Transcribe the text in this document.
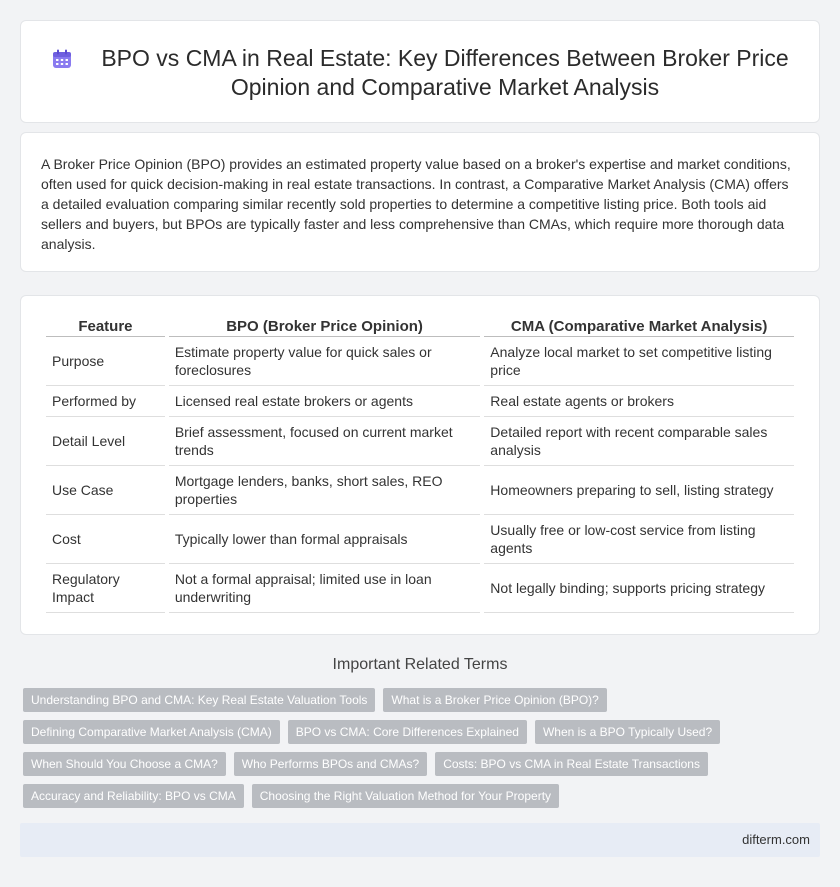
BPO vs CMA in Real Estate: Key Differences Between Broker Price Opinion and Comparative Market Analysis

A Broker Price Opinion (BPO) provides an estimated property value based on a broker's expertise and market conditions, often used for quick decision-making in real estate transactions. In contrast, a Comparative Market Analysis (CMA) offers a detailed evaluation comparing similar recently sold properties to determine a competitive listing price. Both tools aid sellers and buyers, but BPOs are typically faster and less comprehensive than CMAs, which require more thorough data analysis.

Feature	BPO (Broker Price Opinion)	CMA (Comparative Market Analysis)
Purpose	Estimate property value for quick sales or foreclosures	Analyze local market to set competitive listing price
Performed by	Licensed real estate brokers or agents	Real estate agents or brokers
Detail Level	Brief assessment, focused on current market trends	Detailed report with recent comparable sales analysis
Use Case	Mortgage lenders, banks, short sales, REO properties	Homeowners preparing to sell, listing strategy
Cost	Typically lower than formal appraisals	Usually free or low-cost service from listing agents
Regulatory Impact	Not a formal appraisal; limited use in loan underwriting	Not legally binding; supports pricing strategy
Important Related Terms
Understanding BPO and CMA: Key Real Estate Valuation Tools	What is a Broker Price Opinion (BPO)?
Defining Comparative Market Analysis (CMA)	BPO vs CMA: Core Differences Explained	When is a BPO Typically Used?
When Should You Choose a CMA?	Who Performs BPOs and CMAs?	Costs: BPO vs CMA in Real Estate Transactions
Accuracy and Reliability: BPO vs CMA	Choosing the Right Valuation Method for Your Property
difterm.com
